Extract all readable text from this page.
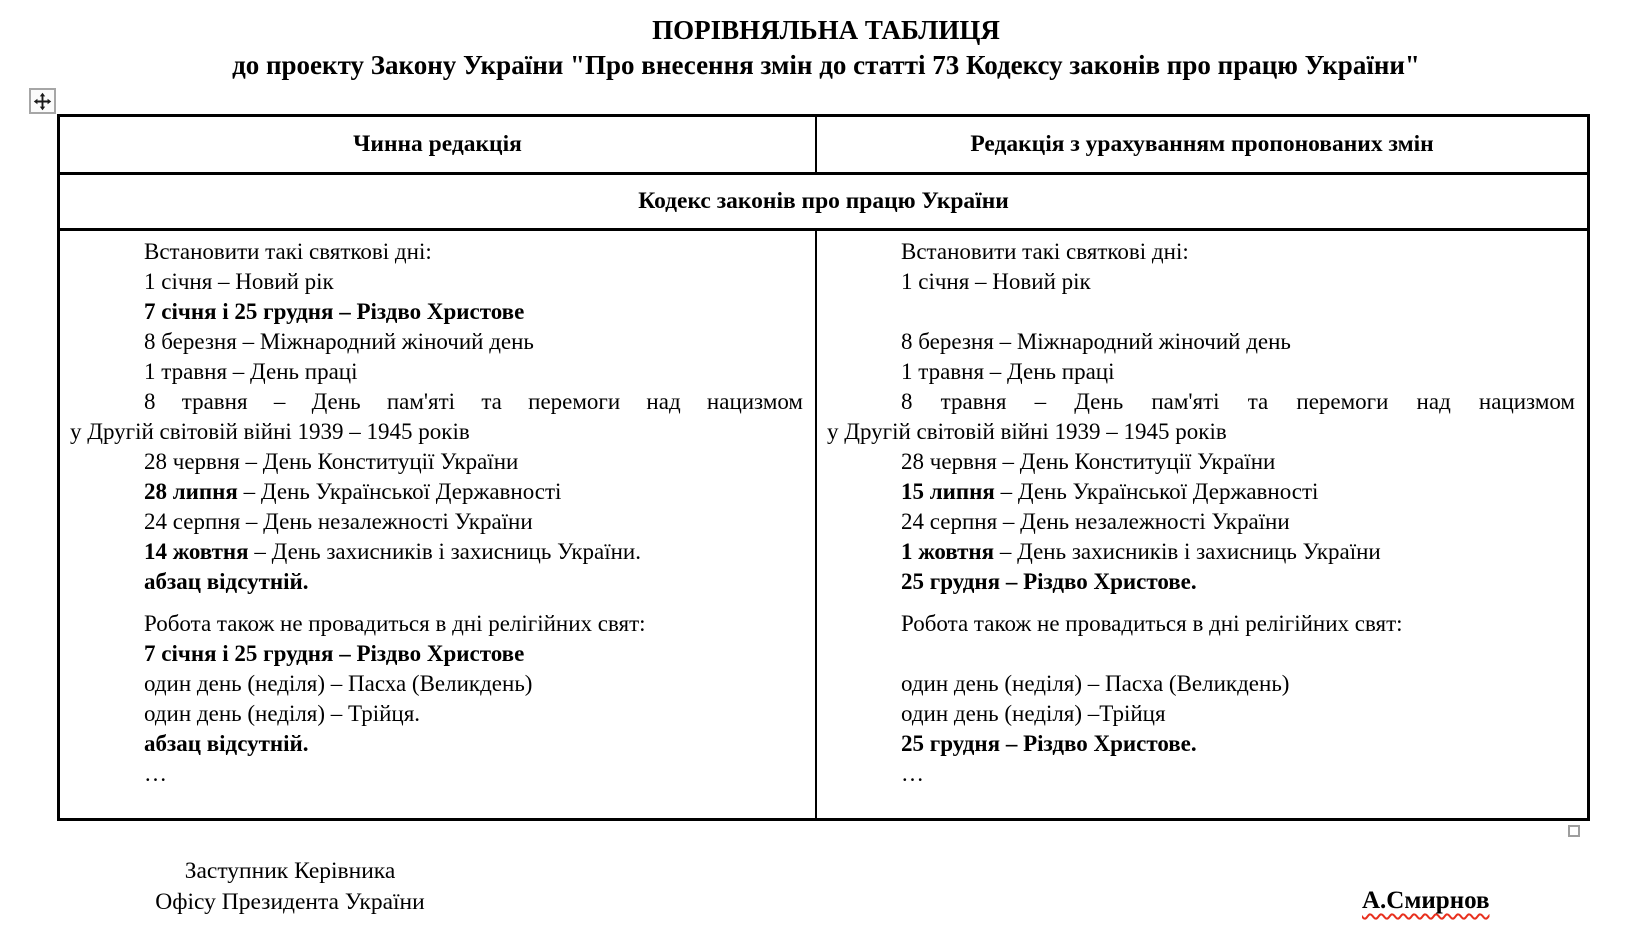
ПОРІВНЯЛЬНА ТАБЛИЦЯ
до проекту Закону України "Про внесення змін до статті 73 Кодексу законів про працю України"
Чинна редакція	Редакція з урахуванням пропонованих змін
Кодекс законів про працю України
Встановити такі святкові дні:
1 січня – Новий рік
7 січня і 25 грудня – Різдво Христове
8 березня – Міжнародний жіночий день
1 травня – День праці
8 травня – День пам'яті та перемоги над нацизмом
у Другій світовій війні 1939 – 1945 років
28 червня – День Конституції України
28 липня – День Української Державності
24 серпня – День незалежності України
14 жовтня – День захисників і захисниць України.
абзац відсутній.
Робота також не провадиться в дні релігійних свят:
7 січня і 25 грудня – Різдво Христове
один день (неділя) – Пасха (Великдень)
один день (неділя) – Трійця.
абзац відсутній.
…
Встановити такі святкові дні:
1 січня – Новий рік

8 березня – Міжнародний жіночий день
1 травня – День праці
8 травня – День пам'яті та перемоги над нацизмом
у Другій світовій війні 1939 – 1945 років
28 червня – День Конституції України
15 липня – День Української Державності
24 серпня – День незалежності України
1 жовтня – День захисників і захисниць України
25 грудня – Різдво Христове.
Робота також не провадиться в дні релігійних свят:

один день (неділя) – Пасха (Великдень)
один день (неділя) –Трійця
25 грудня – Різдво Христове.
…
Заступник Керівника
Офісу Президента України	А.Смирнов
